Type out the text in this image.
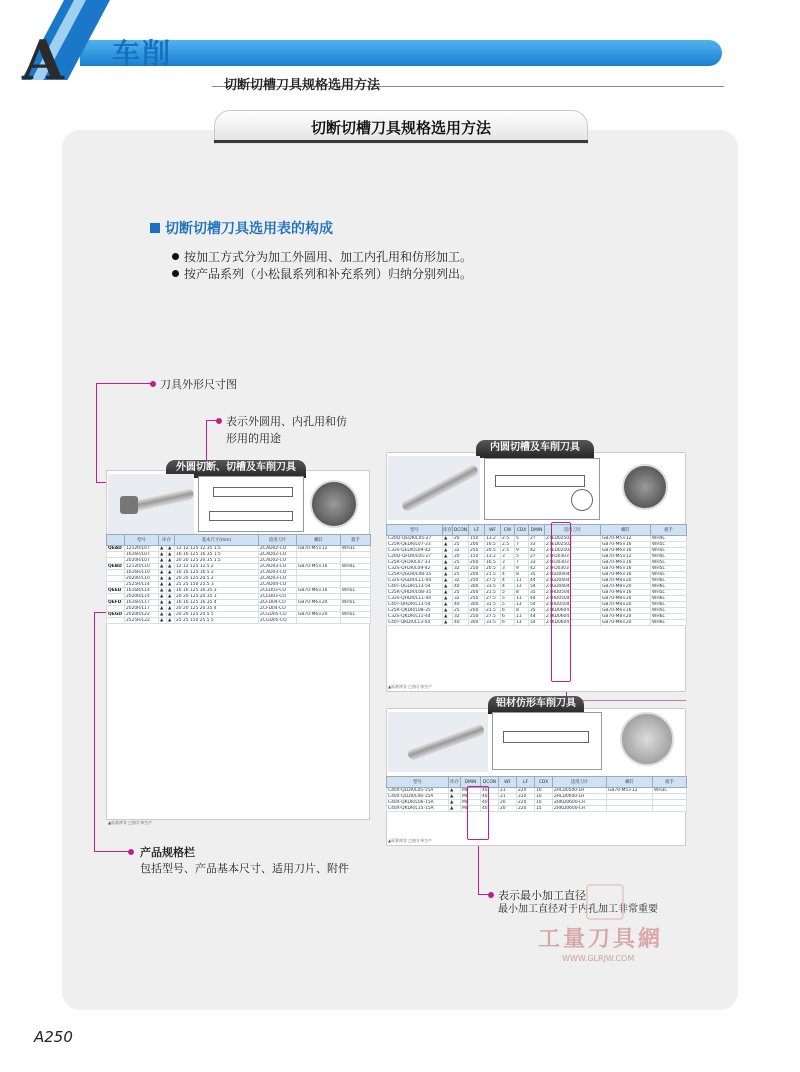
A 车削
切断切槽刀具规格选用方法
切断切槽刀具规格选用方法
切断切槽刀具选用表的构成
按加工方式分为加工外圆用、加工内孔用和仿形加工。
按产品系列（小松鼠系列和补充系列）归纳分别列出。
刀具外形尺寸图
表示外圆用、内孔用和仿
形用的用途
产品规格栏
包括型号、产品基本尺寸、适用刀片、附件
表示最小加工直径
最小加工直径对于内孔加工非常重要
外圆切断、切槽及车削刀具
	型号	库存		基本尺寸(mm)	适用刀片	螺钉	扳手
QEAD	1212R/L07	▲	▲	12 12 125 12.35 1.5	ZCAD02-CO	GB70-M5×12	WH3L
	1616R/L07	▲	▲	16 16 125 16.35 1.5	ZCAD02-CO		
	2020R/L07	▲	▲	20 20 125 20.35 1.5	ZCAD02-CO		
QEBD	1212R/L10	▲	▲	12 12 125 12.5 2	ZCAD03-CO	GB70-M5×16	WH4L
	1616R/L10	▲	▲	16 16 125 16.5 2	ZCAD03-CO		
	2020R/L10	▲	▲	20 20 125 20.5 2	ZCAD03-CO		
	2525R/L14	▲	▲	25 25 150 25.5 3	ZCAD04-CO		
QEED	1616R/L14	▲	▲	16 16 125 16.35 3	ZCED03-CO	GB70-M6×16	WH5L
	2020R/L14	▲	▲	20 20 125 20.35 3	ZCED03-CO		
QEFD	1616R/L17	▲	▲	16 16 125 16.35 4	ZCFD04-CO	GB70-M6×20	WH5L
	2020R/L17	▲	▲	20 20 125 20.35 4	ZCFD04-CO		
QEGD	2020R/L22	▲	▲	20 20 125 20.5 5	ZCGD05-CO	GB70-M6×20	WH5L
	2525R/L22	▲	▲	25 25 150 25.5 5	ZCGD05-CO		
▲标准库存 □按订单生产
内圆切槽及车削刀具
型号	库存	DCON	LF	WF	CW	CDX	DMIN	适用刀片	螺钉	扳手
C20Q-QEDR/L05-27	▲	20	150	13.2	2.5	5	27	ZTED02502	GB70-M5×12	WH4L
C25R-QEDR/L07-33	▲	25	200	16.5	2.5	7	33	ZTED02502	GB70-M6×16	WH5L
C32S-QEDR/L09-42	▲	32	250	20.5	2.5	9	42	ZTED02502	GB70-M6×16	WH5L
C20Q-QFDR/L05-27	▲	20	150	13.2	3	5	27	ZTFD0303	GB70-M5×12	WH4L
C25R-QFDR/L07-33	▲	25	200	16.5	3	7	33	ZTFD0303	GB70-M6×16	WH5L
C32S-QFDR/L09-42	▲	32	250	20.5	3	9	42	ZTFD0303	GB70-M6×16	WH5L
C25R-QGDR/L08-35	▲	25	200	21.5	4	8	35	ZTGD0404	GB70-M6×16	WH5L
C32S-QGDR/L11-44	▲	32	250	27.5	4	11	44	ZTGD0404	GB70-M8×20	WH6L
C40T-QGDR/L13-54	▲	40	300	33.5	4	13	54	ZTGD0404	GB70-M8×20	WH6L
C25R-QHDR/L08-35	▲	25	200	21.5	5	8	35	ZTHD0504	GB70-M6×16	WH5L
C32S-QHDR/L11-44	▲	32	250	27.5	5	11	44	ZTHD0504	GB70-M8×20	WH6L
C40T-QHDR/L13-54	▲	40	300	33.5	5	13	54	ZTHD0504	GB70-M8×20	WH6L
C25R-QKDR/L08-35	▲	25	200	21.5	6	8	35	ZTKD0604	GB70-M6×16	WH5L
C32S-QKDR/L11-44	▲	32	250	27.5	6	11	44	ZTKD0604	GB70-M8×20	WH6L
C40T-QKDR/L13-54	▲	40	300	33.5	6	13	54	ZTKD0604	GB70-M8×20	WH6L
▲标准库存 □按订单生产
铝材仿形车削刀具
型号	库存	DMIN	DCON	WF	LF	CDX	适用刀片	螺钉	扳手
C40X-QLDR/L05-15A	▲	M8	40	21	220	10	ZRLD0500-LH	GB70-M5×12	WH3L
C40X-QLDR/L06-15A	▲	M8	40	21	220	10	ZRLD0600-LH		
C40X-QKDR/L06-15A	▲	M8	40	20	220	10	ZRKD0600-LH		
C40X-QKDR/L15-15A	▲	M8	40	20	220	15	ZRKD0600-LH		
▲标准库存 □按订单生产
工量刀具網
WWW.GLRJW.COM
A250
